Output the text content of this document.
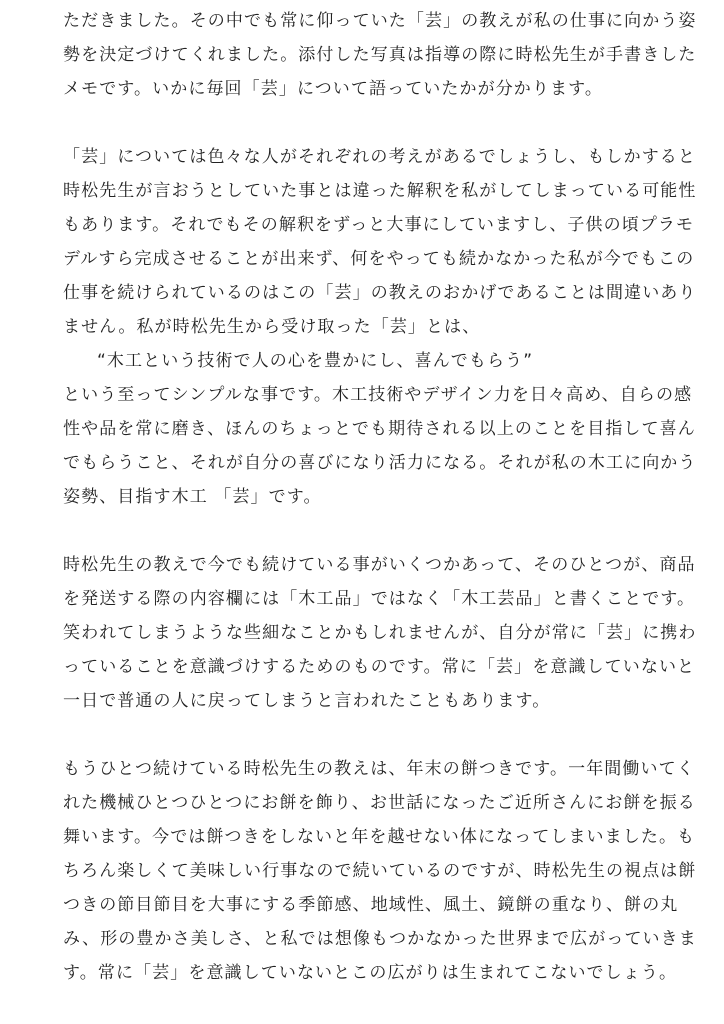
ただきました。その中でも常に仰っていた「芸」の教えが私の仕事に向かう姿
勢を決定づけてくれました。添付した写真は指導の際に時松先生が手書きした
メモです。いかに毎回「芸」について語っていたかが分かります。
「芸」については色々な人がそれぞれの考えがあるでしょうし、もしかすると
時松先生が言おうとしていた事とは違った解釈を私がしてしまっている可能性
もあります。それでもその解釈をずっと大事にしていますし、子供の頃プラモ
デルすら完成させることが出来ず、何をやっても続かなかった私が今でもこの
仕事を続けられているのはこの「芸」の教えのおかげであることは間違いあり
ません。私が時松先生から受け取った「芸」とは、
“木工という技術で人の心を豊かにし、喜んでもらう”
という至ってシンプルな事です。木工技術やデザイン力を日々高め、自らの感
性や品を常に磨き、ほんのちょっとでも期待される以上のことを目指して喜ん
でもらうこと、それが自分の喜びになり活力になる。それが私の木工に向かう
姿勢、目指す木工 「芸」です。
時松先生の教えで今でも続けている事がいくつかあって、そのひとつが、商品
を発送する際の内容欄には「木工品」ではなく「木工芸品」と書くことです。
笑われてしまうような些細なことかもしれませんが、自分が常に「芸」に携わ
っていることを意識づけするためのものです。常に「芸」を意識していないと
一日で普通の人に戻ってしまうと言われたこともあります。
もうひとつ続けている時松先生の教えは、年末の餅つきです。一年間働いてく
れた機械ひとつひとつにお餅を飾り、お世話になったご近所さんにお餅を振る
舞います。今では餅つきをしないと年を越せない体になってしまいました。も
ちろん楽しくて美味しい行事なので続いているのですが、時松先生の視点は餅
つきの節目節目を大事にする季節感、地域性、風土、鏡餅の重なり、餅の丸
み、形の豊かさ美しさ、と私では想像もつかなかった世界まで広がっていきま
す。常に「芸」を意識していないとこの広がりは生まれてこないでしょう。
